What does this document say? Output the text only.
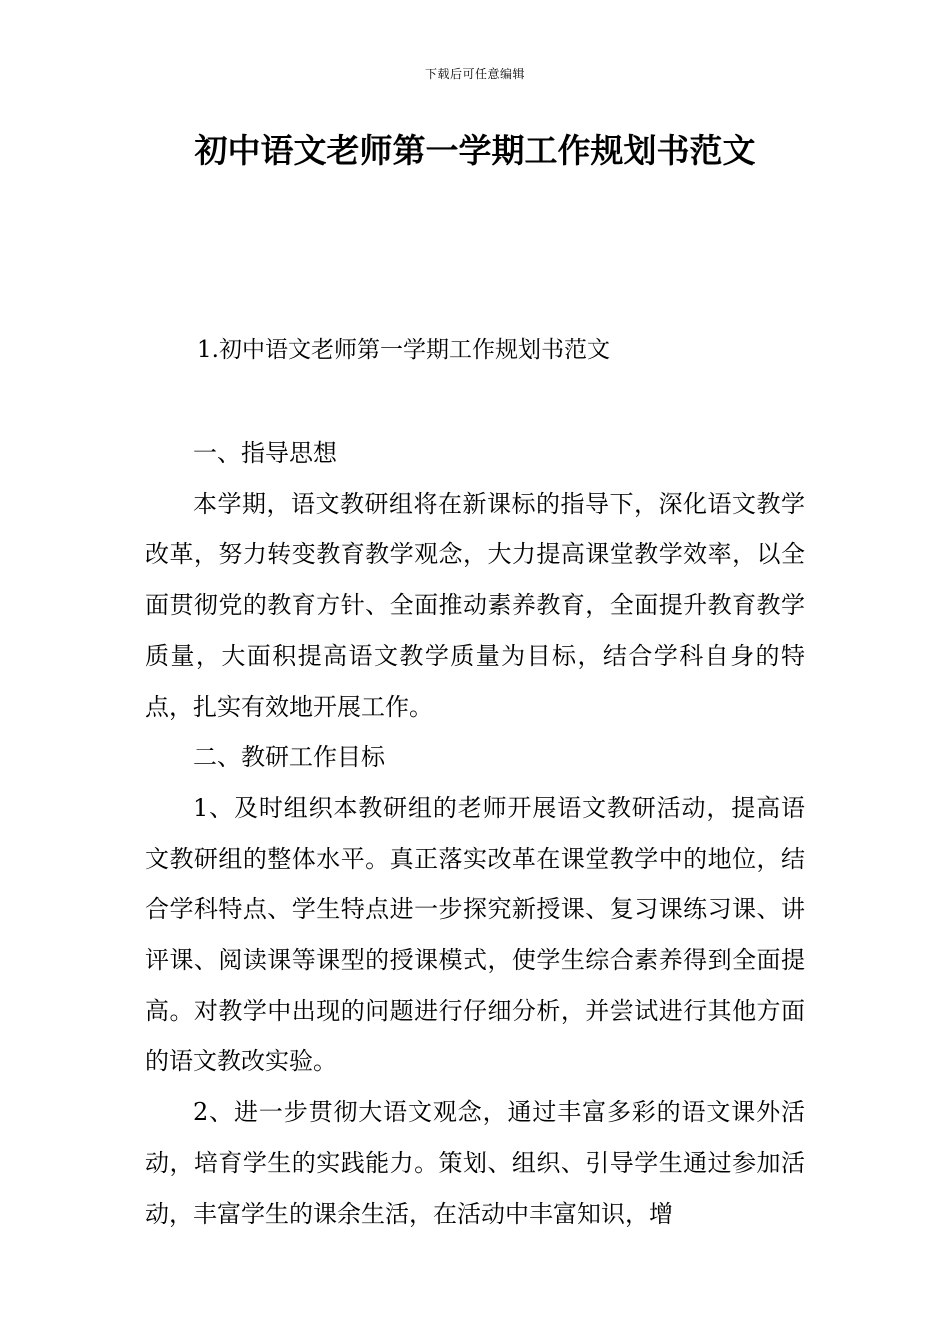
下载后可任意编辑
初中语文老师第一学期工作规划书范文
1.初中语文老师第一学期工作规划书范文

一、指导思想

本学期，语文教研组将在新课标的指导下，深化语文教学改革，努力转变教育教学观念，大力提高课堂教学效率，以全面贯彻党的教育方针、全面推动素养教育，全面提升教育教学质量，大面积提高语文教学质量为目标，结合学科自身的特点，扎实有效地开展工作。

二、教研工作目标

1、及时组织本教研组的老师开展语文教研活动，提高语文教研组的整体水平。真正落实改革在课堂教学中的地位，结合学科特点、学生特点进一步探究新授课、复习课练习课、讲评课、阅读课等课型的授课模式，使学生综合素养得到全面提高。对教学中出现的问题进行仔细分析，并尝试进行其他方面的语文教改实验。

2、进一步贯彻大语文观念，通过丰富多彩的语文课外活动，培育学生的实践能力。策划、组织、引导学生通过参加活动，丰富学生的课余生活，在活动中丰富知识，增
